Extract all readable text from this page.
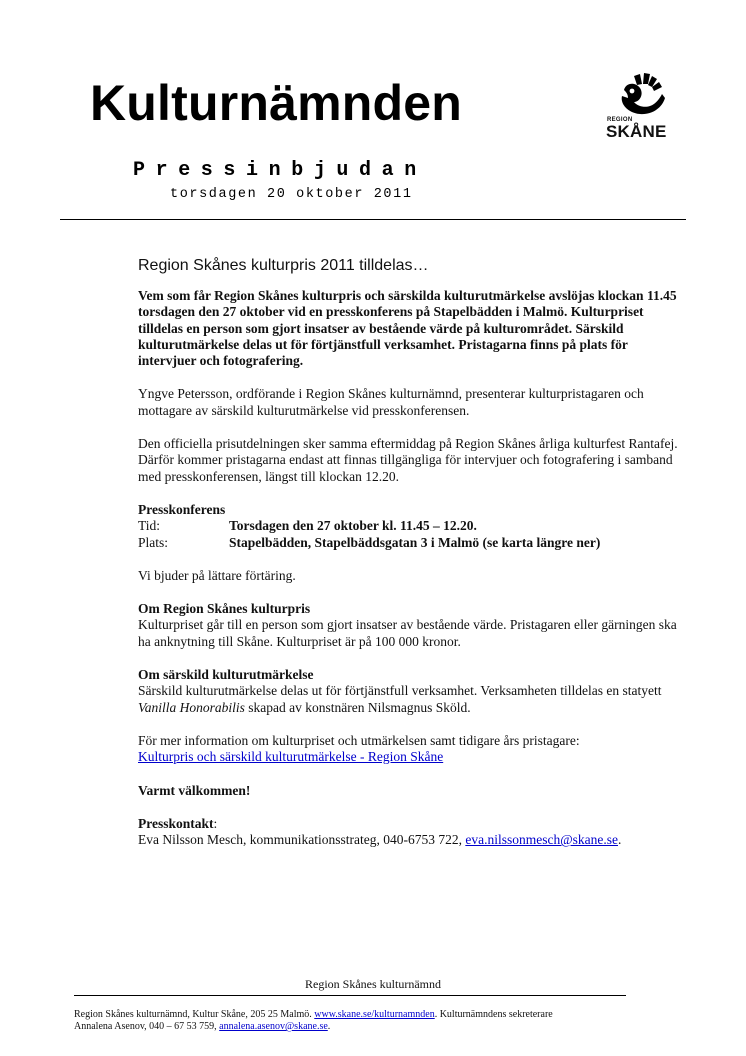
Kulturnämnden	REGION
SKÅNE
Pressinbjudan
torsdagen 20 oktober 2011
Region Skånes kulturpris 2011 tilldelas…

Vem som får Region Skånes kulturpris och särskilda kulturutmärkelse avslöjas klockan 11.45 torsdagen den 27 oktober vid en presskonferens på Stapelbädden i Malmö. Kulturpriset tilldelas en person som gjort insatser av bestående värde på kulturområdet. Särskild kulturutmärkelse delas ut för förtjänstfull verksamhet. Pristagarna finns på plats för intervjuer och fotografering.

Yngve Petersson, ordförande i Region Skånes kulturnämnd, presenterar kulturpristagaren och mottagare av särskild kulturutmärkelse vid presskonferensen.

Den officiella prisutdelningen sker samma eftermiddag på Region Skånes årliga kulturfest Rantafej. Därför kommer pristagarna endast att finnas tillgängliga för intervjuer och fotografering i samband med presskonferensen, längst till klockan 12.20.

Presskonferens
Tid:	Torsdagen den 27 oktober kl. 11.45 – 12.20.
Plats:	Stapelbädden, Stapelbäddsgatan 3 i Malmö (se karta längre ner)

Vi bjuder på lättare förtäring.

Om Region Skånes kulturpris
Kulturpriset går till en person som gjort insatser av bestående värde. Pristagaren eller gärningen ska ha anknytning till Skåne. Kulturpriset är på 100 000 kronor.
Om särskild kulturutmärkelse
Särskild kulturutmärkelse delas ut för förtjänstfull verksamhet. Verksamheten tilldelas en statyett Vanilla Honorabilis skapad av konstnären Nilsmagnus Sköld.
För mer information om kulturpriset och utmärkelsen samt tidigare års pristagare:
Kulturpris och särskild kulturutmärkelse - Region Skåne

Varmt välkommen!

Presskontakt:
Eva Nilsson Mesch, kommunikationsstrateg, 040-6753 722, eva.nilssonmesch@skane.se.
Region Skånes kulturnämnd
Region Skånes kulturnämnd, Kultur Skåne, 205 25 Malmö. www.skane.se/kulturnamnden. Kulturnämndens sekreterare
Annalena Asenov, 040 – 67 53 759, annalena.asenov@skane.se.
